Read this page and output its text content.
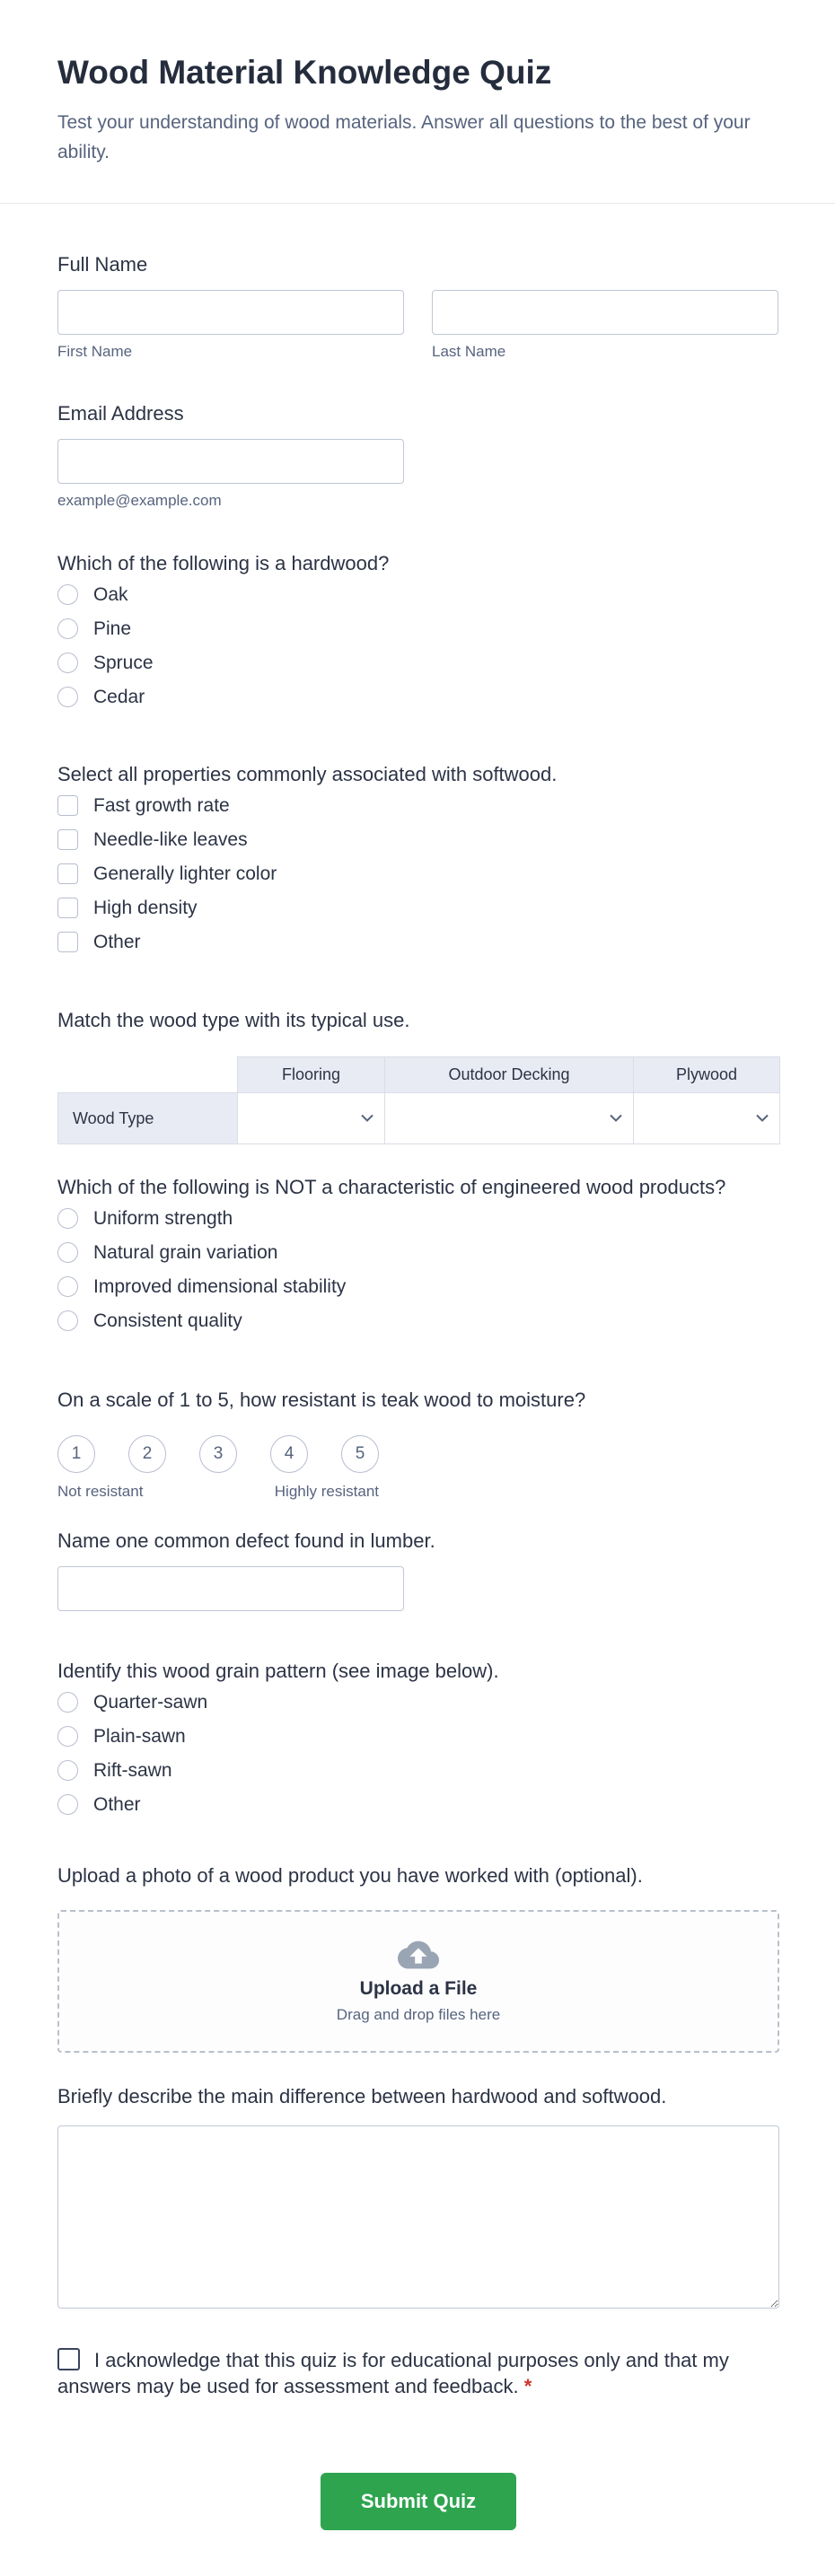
Wood Material Knowledge Quiz

Test your understanding of wood materials. Answer all questions to the best of your ability.

Full Name
First Name	Last Name
Email Address
example@example.com
Which of the following is a hardwood?
Oak
Pine
Spruce
Cedar
Select all properties commonly associated with softwood.
Fast growth rate
Needle-like leaves
Generally lighter color
High density
Other
Match the wood type with its typical use.
	Flooring	Outdoor Decking	Plywood
Wood Type	

Which of the following is NOT a characteristic of engineered wood products?
Uniform strength
Natural grain variation
Improved dimensional stability
Consistent quality
On a scale of 1 to 5, how resistant is teak wood to moisture?
1	2	3	4	5
Not resistant	Highly resistant
Name one common defect found in lumber.
Identify this wood grain pattern (see image below).
Quarter-sawn
Plain-sawn
Rift-sawn
Other
Upload a photo of a wood product you have worked with (optional).
Upload a File
Drag and drop files here
Briefly describe the main difference between hardwood and softwood.
I acknowledge that this quiz is for educational purposes only and that my answers may be used for assessment and feedback. *
Submit Quiz
